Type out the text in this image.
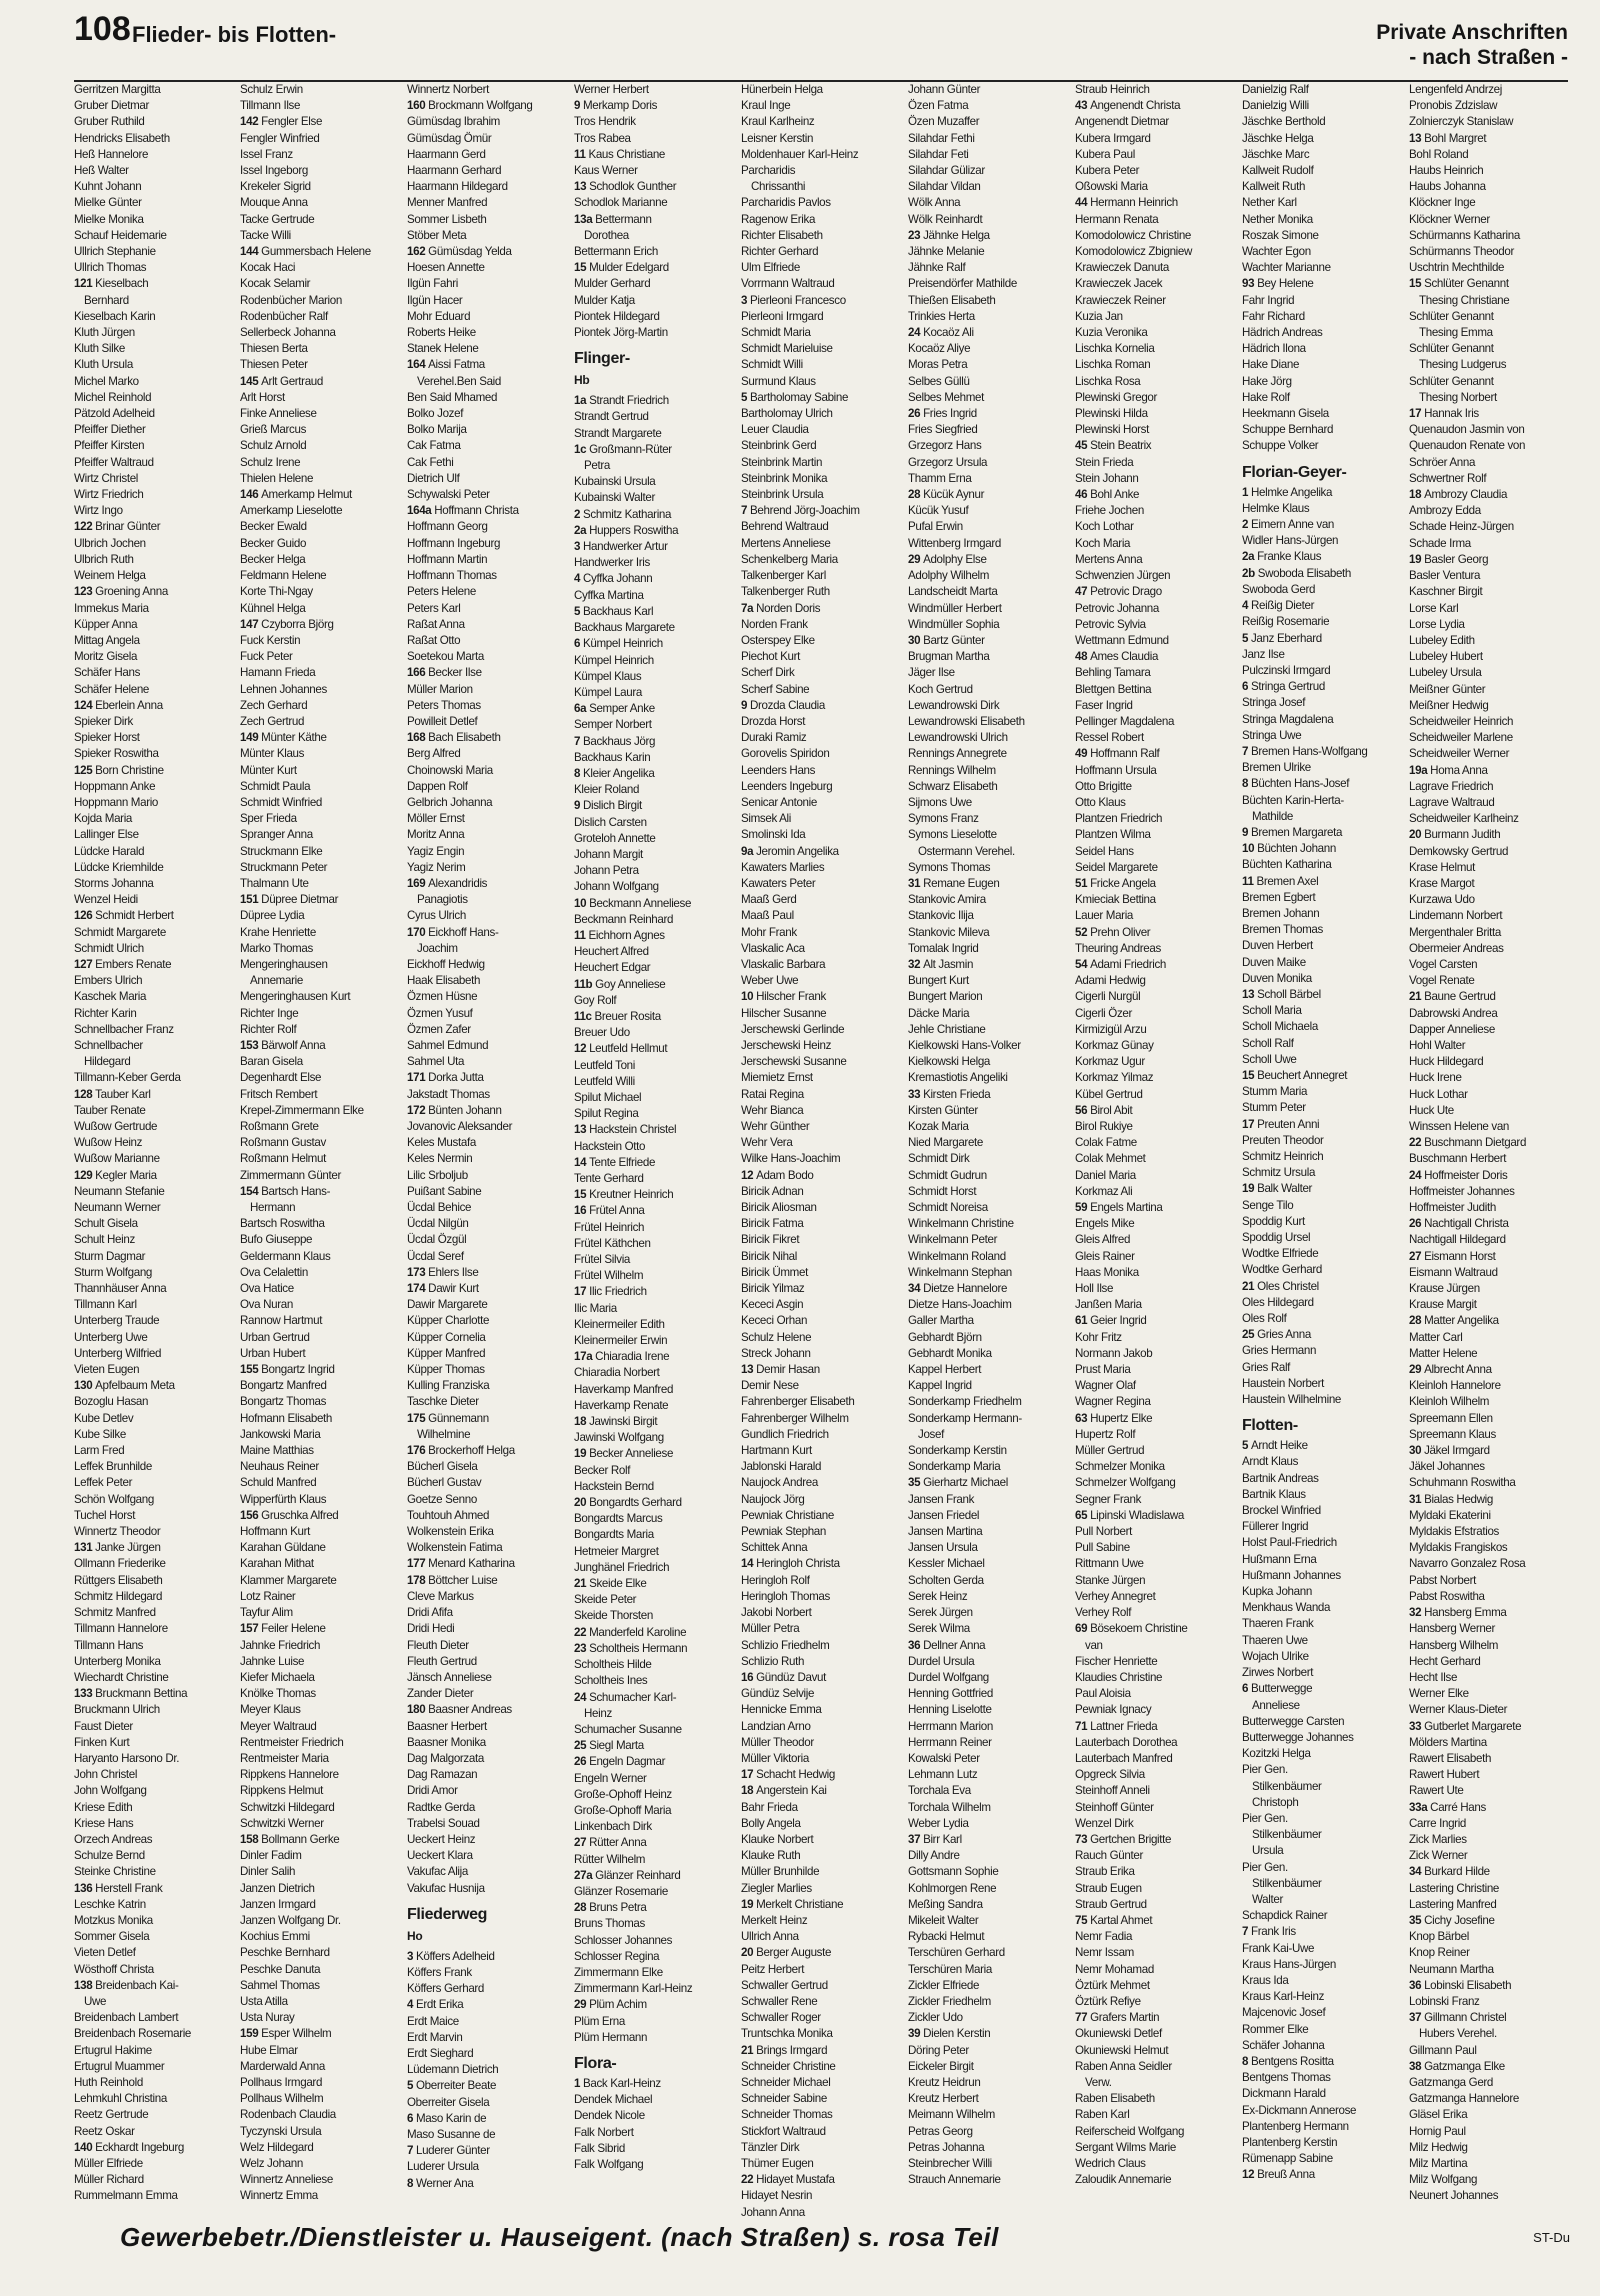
108 Flieder- bis Flotten-	Private Anschriften
- nach Straßen -
Gerritzen Margitta
Gruber Dietmar
Gruber Ruthild
Hendricks Elisabeth
Heß Hannelore
Heß Walter
Kuhnt Johann
Mielke Günter
Mielke Monika
Schauf Heidemarie
Ullrich Stephanie
Ullrich Thomas
121 Kieselbach
Bernhard
Kieselbach Karin
Kluth Jürgen
Kluth Silke
Kluth Ursula
Michel Marko
Michel Reinhold
Pätzold Adelheid
Pfeiffer Diether
Pfeiffer Kirsten
Pfeiffer Waltraud
Wirtz Christel
Wirtz Friedrich
Wirtz Ingo
122 Brinar Günter
Ulbrich Jochen
Ulbrich Ruth
Weinem Helga
123 Groening Anna
Immekus Maria
Küpper Anna
Mittag Angela
Moritz Gisela
Schäfer Hans
Schäfer Helene
124 Eberlein Anna
Spieker Dirk
Spieker Horst
Spieker Roswitha
125 Born Christine
Hoppmann Anke
Hoppmann Mario
Kojda Maria
Lallinger Else
Lüdcke Harald
Lüdcke Kriemhilde
Storms Johanna
Wenzel Heidi
126 Schmidt Herbert
Schmidt Margarete
Schmidt Ulrich
127 Embers Renate
Embers Ulrich
Kaschek Maria
Richter Karin
Schnellbacher Franz
Schnellbacher
Hildegard
Tillmann-Keber Gerda
128 Tauber Karl
Tauber Renate
Wußow Gertrude
Wußow Heinz
Wußow Marianne
129 Kegler Maria
Neumann Stefanie
Neumann Werner
Schult Gisela
Schult Heinz
Sturm Dagmar
Sturm Wolfgang
Thannhäuser Anna
Tillmann Karl
Unterberg Traude
Unterberg Uwe
Unterberg Wilfried
Vieten Eugen
130 Apfelbaum Meta
Bozoglu Hasan
Kube Detlev
Kube Silke
Larm Fred
Leffek Brunhilde
Leffek Peter
Schön Wolfgang
Tuchel Horst
Winnertz Theodor
131 Janke Jürgen
Ollmann Friederike
Rüttgers Elisabeth
Schmitz Hildegard
Schmitz Manfred
Tillmann Hannelore
Tillmann Hans
Unterberg Monika
Wiechardt Christine
133 Bruckmann Bettina
Bruckmann Ulrich
Faust Dieter
Finken Kurt
Haryanto Harsono Dr.
John Christel
John Wolfgang
Kriese Edith
Kriese Hans
Orzech Andreas
Schulze Bernd
Steinke Christine
136 Herstell Frank
Leschke Katrin
Motzkus Monika
Sommer Gisela
Vieten Detlef
Wösthoff Christa
138 Breidenbach Kai-
Uwe
Breidenbach Lambert
Breidenbach Rosemarie
Ertugrul Hakime
Ertugrul Muammer
Huth Reinhold
Lehmkuhl Christina
Reetz Gertrude
Reetz Oskar
140 Eckhardt Ingeburg
Müller Elfriede
Müller Richard
Rummelmann Emma
Schulz Erwin
Tillmann Ilse
142 Fengler Else
Fengler Winfried
Issel Franz
Issel Ingeborg
Krekeler Sigrid
Mouque Anna
Tacke Gertrude
Tacke Willi
144 Gummersbach Helene
Kocak Haci
Kocak Selamir
Rodenbücher Marion
Rodenbücher Ralf
Sellerbeck Johanna
Thiesen Berta
Thiesen Peter
145 Arlt Gertraud
Arlt Horst
Finke Anneliese
Grieß Marcus
Schulz Arnold
Schulz Irene
Thielen Helene
146 Amerkamp Helmut
Amerkamp Lieselotte
Becker Ewald
Becker Guido
Becker Helga
Feldmann Helene
Korte Thi-Ngay
Kühnel Helga
147 Czyborra Björg
Fuck Kerstin
Fuck Peter
Hamann Frieda
Lehnen Johannes
Zech Gerhard
Zech Gertrud
149 Münter Käthe
Münter Klaus
Münter Kurt
Schmidt Paula
Schmidt Winfried
Sper Frieda
Spranger Anna
Struckmann Elke
Struckmann Peter
Thalmann Ute
151 Düpree Dietmar
Düpree Lydia
Krahe Henriette
Marko Thomas
Mengeringhausen
Annemarie
Mengeringhausen Kurt
Richter Inge
Richter Rolf
153 Bärwolf Anna
Baran Gisela
Degenhardt Else
Fritsch Rembert
Krepel-Zimmermann Elke
Roßmann Grete
Roßmann Gustav
Roßmann Helmut
Zimmermann Günter
154 Bartsch Hans-
Hermann
Bartsch Roswitha
Bufo Giuseppe
Geldermann Klaus
Ova Celalettin
Ova Hatice
Ova Nuran
Rannow Hartmut
Urban Gertrud
Urban Hubert
155 Bongartz Ingrid
Bongartz Manfred
Bongartz Thomas
Hofmann Elisabeth
Jankowski Maria
Maine Matthias
Neuhaus Reiner
Schuld Manfred
Wipperfürth Klaus
156 Gruschka Alfred
Hoffmann Kurt
Karahan Güldane
Karahan Mithat
Klammer Margarete
Lotz Rainer
Tayfur Alim
157 Feiler Helene
Jahnke Friedrich
Jahnke Luise
Kiefer Michaela
Knölke Thomas
Meyer Klaus
Meyer Waltraud
Rentmeister Friedrich
Rentmeister Maria
Rippkens Hannelore
Rippkens Helmut
Schwitzki Hildegard
Schwitzki Werner
158 Bollmann Gerke
Dinler Fadim
Dinler Salih
Janzen Dietrich
Janzen Irmgard
Janzen Wolfgang Dr.
Kochius Emmi
Peschke Bernhard
Peschke Danuta
Sahmel Thomas
Usta Atilla
Usta Nuray
159 Esper Wilhelm
Hube Elmar
Marderwald Anna
Pollhaus Irmgard
Pollhaus Wilhelm
Rodenbach Claudia
Tyczynski Ursula
Welz Hildegard
Welz Johann
Winnertz Anneliese
Winnertz Emma
Winnertz Norbert
160 Brockmann Wolfgang
Gümüsdag Ibrahim
Gümüsdag Ömür
Haarmann Gerd
Haarmann Gerhard
Haarmann Hildegard
Menner Manfred
Sommer Lisbeth
Stöber Meta
162 Gümüsdag Yelda
Hoesen Annette
Ilgün Fahri
Ilgün Hacer
Mohr Eduard
Roberts Heike
Stanek Helene
164 Aissi Fatma
Verehel.Ben Said
Ben Said Mhamed
Bolko Jozef
Bolko Marija
Cak Fatma
Cak Fethi
Dietrich Ulf
Schywalski Peter
164a Hoffmann Christa
Hoffmann Georg
Hoffmann Ingeburg
Hoffmann Martin
Hoffmann Thomas
Peters Helene
Peters Karl
Raßat Anna
Raßat Otto
Soetekou Marta
166 Becker Ilse
Müller Marion
Peters Thomas
Powilleit Detlef
168 Bach Elisabeth
Berg Alfred
Choinowski Maria
Dappen Rolf
Gelbrich Johanna
Möller Ernst
Moritz Anna
Yagiz Engin
Yagiz Nerim
169 Alexandridis
Panagiotis
Cyrus Ulrich
170 Eickhoff Hans-
Joachim
Eickhoff Hedwig
Haak Elisabeth
Özmen Hüsne
Özmen Yusuf
Özmen Zafer
Sahmel Edmund
Sahmel Uta
171 Dorka Jutta
Jakstadt Thomas
172 Bünten Johann
Jovanovic Aleksander
Keles Mustafa
Keles Nermin
Lilic Srboljub
Puißant Sabine
Ücdal Behice
Ücdal Nilgün
Ücdal Özgül
Ücdal Seref
173 Ehlers Ilse
174 Dawir Kurt
Dawir Margarete
Küpper Charlotte
Küpper Cornelia
Küpper Manfred
Küpper Thomas
Kulling Franziska
Taschke Dieter
175 Günnemann
Wilhelmine
176 Brockerhoff Helga
Bücherl Gisela
Bücherl Gustav
Goetze Senno
Touhtouh Ahmed
Wolkenstein Erika
Wolkenstein Fatima
177 Menard Katharina
178 Böttcher Luise
Cleve Markus
Dridi Afifa
Dridi Hedi
Fleuth Dieter
Fleuth Gertrud
Jänsch Anneliese
Zander Dieter
180 Baasner Andreas
Baasner Herbert
Baasner Monika
Dag Malgorzata
Dag Ramazan
Dridi Amor
Radtke Gerda
Trabelsi Souad
Ueckert Heinz
Ueckert Klara
Vakufac Alija
Vakufac Husnija
Fliederweg
Ho
3 Köffers Adelheid
Köffers Frank
Köffers Gerhard
4 Erdt Erika
Erdt Maice
Erdt Marvin
Erdt Sieghard
Lüdemann Dietrich
5 Oberreiter Beate
Oberreiter Gisela
6 Maso Karin de
Maso Susanne de
7 Luderer Günter
Luderer Ursula
8 Werner Ana
Werner Herbert
9 Merkamp Doris
Tros Hendrik
Tros Rabea
11 Kaus Christiane
Kaus Werner
13 Schodlok Gunther
Schodlok Marianne
13a Bettermann
Dorothea
Bettermann Erich
15 Mulder Edelgard
Mulder Gerhard
Mulder Katja
Piontek Hildegard
Piontek Jörg-Martin
Flinger-
Hb
1a Strandt Friedrich
Strandt Gertrud
Strandt Margarete
1c Großmann-Rüter
Petra
Kubainski Ursula
Kubainski Walter
2 Schmitz Katharina
2a Huppers Roswitha
3 Handwerker Artur
Handwerker Iris
4 Cyffka Johann
Cyffka Martina
5 Backhaus Karl
Backhaus Margarete
6 Kümpel Heinrich
Kümpel Heinrich
Kümpel Klaus
Kümpel Laura
6a Semper Anke
Semper Norbert
7 Backhaus Jörg
Backhaus Karin
8 Kleier Angelika
Kleier Roland
9 Dislich Birgit
Dislich Carsten
Groteloh Annette
Johann Margit
Johann Petra
Johann Wolfgang
10 Beckmann Anneliese
Beckmann Reinhard
11 Eichhorn Agnes
Heuchert Alfred
Heuchert Edgar
11b Goy Anneliese
Goy Rolf
11c Breuer Rosita
Breuer Udo
12 Leutfeld Hellmut
Leutfeld Toni
Leutfeld Willi
Spilut Michael
Spilut Regina
13 Hackstein Christel
Hackstein Otto
14 Tente Elfriede
Tente Gerhard
15 Kreutner Heinrich
16 Frütel Anna
Frütel Heinrich
Frütel Käthchen
Frütel Silvia
Frütel Wilhelm
17 Ilic Friedrich
Ilic Maria
Kleinermeiler Edith
Kleinermeiler Erwin
17a Chiaradia Irene
Chiaradia Norbert
Haverkamp Manfred
Haverkamp Renate
18 Jawinski Birgit
Jawinski Wolfgang
19 Becker Anneliese
Becker Rolf
Hackstein Bernd
20 Bongardts Gerhard
Bongardts Marcus
Bongardts Maria
Hetmeier Margret
Junghänel Friedrich
21 Skeide Elke
Skeide Peter
Skeide Thorsten
22 Manderfeld Karoline
23 Scholtheis Hermann
Scholtheis Hilde
Scholtheis Ines
24 Schumacher Karl-
Heinz
Schumacher Susanne
25 Siegl Marta
26 Engeln Dagmar
Engeln Werner
Große-Ophoff Heinz
Große-Ophoff Maria
Linkenbach Dirk
27 Rütter Anna
Rütter Wilhelm
27a Glänzer Reinhard
Glänzer Rosemarie
28 Bruns Petra
Bruns Thomas
Schlosser Johannes
Schlosser Regina
Zimmermann Elke
Zimmermann Karl-Heinz
29 Plüm Achim
Plüm Erna
Plüm Hermann
Flora-
1 Back Karl-Heinz
Dendek Michael
Dendek Nicole
Falk Norbert
Falk Sibrid
Falk Wolfgang
Hünerbein Helga
Kraul Inge
Kraul Karlheinz
Leisner Kerstin
Moldenhauer Karl-Heinz
Parcharidis
Chrissanthi
Parcharidis Pavlos
Ragenow Erika
Richter Elisabeth
Richter Gerhard
Ulm Elfriede
Vorrmann Waltraud
3 Pierleoni Francesco
Pierleoni Irmgard
Schmidt Maria
Schmidt Marieluise
Schmidt Willi
Surmund Klaus
5 Bartholomay Sabine
Bartholomay Ulrich
Leuer Claudia
Steinbrink Gerd
Steinbrink Martin
Steinbrink Monika
Steinbrink Ursula
7 Behrend Jörg-Joachim
Behrend Waltraud
Mertens Anneliese
Schenkelberg Maria
Talkenberger Karl
Talkenberger Ruth
7a Norden Doris
Norden Frank
Osterspey Elke
Piechot Kurt
Scherf Dirk
Scherf Sabine
9 Drozda Claudia
Drozda Horst
Duraki Ramiz
Gorovelis Spiridon
Leenders Hans
Leenders Ingeburg
Senicar Antonie
Simsek Ali
Smolinski Ida
9a Jeromin Angelika
Kawaters Marlies
Kawaters Peter
Maaß Gerd
Maaß Paul
Mohr Frank
Vlaskalic Aca
Vlaskalic Barbara
Weber Uwe
10 Hilscher Frank
Hilscher Susanne
Jerschewski Gerlinde
Jerschewski Heinz
Jerschewski Susanne
Miemietz Ernst
Ratai Regina
Wehr Bianca
Wehr Günther
Wehr Vera
Wilke Hans-Joachim
12 Adam Bodo
Biricik Adnan
Biricik Aliosman
Biricik Fatma
Biricik Fikret
Biricik Nihal
Biricik Ümmet
Biricik Yilmaz
Kececi Asgin
Kececi Orhan
Schulz Helene
Streck Johann
13 Demir Hasan
Demir Nese
Fahrenberger Elisabeth
Fahrenberger Wilhelm
Gundlich Friedrich
Hartmann Kurt
Jablonski Harald
Naujock Andrea
Naujock Jörg
Pewniak Christiane
Pewniak Stephan
Schittek Anna
14 Heringloh Christa
Heringloh Rolf
Heringloh Thomas
Jakobi Norbert
Müller Petra
Schlizio Friedhelm
Schlizio Ruth
16 Gündüz Davut
Gündüz Selvije
Hennicke Emma
Landzian Arno
Müller Theodor
Müller Viktoria
17 Schacht Hedwig
18 Angerstein Kai
Bahr Frieda
Bolly Angela
Klauke Norbert
Klauke Ruth
Müller Brunhilde
Ziegler Marlies
19 Merkelt Christiane
Merkelt Heinz
Ullrich Anna
20 Berger Auguste
Peitz Herbert
Schwaller Gertrud
Schwaller Rene
Schwaller Roger
Truntschka Monika
21 Brings Irmgard
Schneider Christine
Schneider Michael
Schneider Sabine
Schneider Thomas
Stickfort Waltraud
Tänzler Dirk
Thümer Eugen
22 Hidayet Mustafa
Hidayet Nesrin
Johann Anna
Johann Günter
Özen Fatma
Özen Muzaffer
Silahdar Fethi
Silahdar Feti
Silahdar Gülizar
Silahdar Vildan
Wölk Anna
Wölk Reinhardt
23 Jähnke Helga
Jähnke Melanie
Jähnke Ralf
Preisendörfer Mathilde
Thießen Elisabeth
Trinkies Herta
24 Kocaöz Ali
Kocaöz Aliye
Moras Petra
Selbes Güllü
Selbes Mehmet
26 Fries Ingrid
Fries Siegfried
Grzegorz Hans
Grzegorz Ursula
Thamm Erna
28 Kücük Aynur
Kücük Yusuf
Pufal Erwin
Wittenberg Irmgard
29 Adolphy Else
Adolphy Wilhelm
Landscheidt Marta
Windmüller Herbert
Windmüller Sophia
30 Bartz Günter
Brugman Martha
Jäger Ilse
Koch Gertrud
Lewandrowski Dirk
Lewandrowski Elisabeth
Lewandrowski Ulrich
Rennings Annegrete
Rennings Wilhelm
Schwarz Elisabeth
Sijmons Uwe
Symons Franz
Symons Lieselotte
Ostermann Verehel.
Symons Thomas
31 Remane Eugen
Stankovic Amira
Stankovic Ilija
Stankovic Mileva
Tomalak Ingrid
32 Alt Jasmin
Bungert Kurt
Bungert Marion
Däcke Maria
Jehle Christiane
Kielkowski Hans-Volker
Kielkowski Helga
Kremastiotis Angeliki
33 Kirsten Frieda
Kirsten Günter
Kozak Maria
Nied Margarete
Schmidt Dirk
Schmidt Gudrun
Schmidt Horst
Schmidt Noreisa
Winkelmann Christine
Winkelmann Peter
Winkelmann Roland
Winkelmann Stephan
34 Dietze Hannelore
Dietze Hans-Joachim
Galler Martha
Gebhardt Björn
Gebhardt Monika
Kappel Herbert
Kappel Ingrid
Sonderkamp Friedhelm
Sonderkamp Hermann-
Josef
Sonderkamp Kerstin
Sonderkamp Maria
35 Gierhartz Michael
Jansen Frank
Jansen Friedel
Jansen Martina
Jansen Ursula
Kessler Michael
Scholten Gerda
Serek Heinz
Serek Jürgen
Serek Wilma
36 Dellner Anna
Durdel Ursula
Durdel Wolfgang
Henning Gottfried
Henning Liselotte
Herrmann Marion
Herrmann Reiner
Kowalski Peter
Lehmann Lutz
Torchala Eva
Torchala Wilhelm
Weber Lydia
37 Birr Karl
Dilly Andre
Gottsmann Sophie
Kohlmorgen Rene
Meßing Sandra
Mikeleit Walter
Rybacki Helmut
Terschüren Gerhard
Terschüren Maria
Zickler Elfriede
Zickler Friedhelm
Zickler Udo
39 Dielen Kerstin
Döring Peter
Eickeler Birgit
Kreutz Heidrun
Kreutz Herbert
Meimann Wilhelm
Petras Georg
Petras Johanna
Steinbrecher Willi
Strauch Annemarie
Straub Heinrich
43 Angenendt Christa
Angenendt Dietmar
Kubera Irmgard
Kubera Paul
Kubera Peter
Oßowski Maria
44 Hermann Heinrich
Hermann Renata
Komodolowicz Christine
Komodolowicz Zbigniew
Krawieczek Danuta
Krawieczek Jacek
Krawieczek Reiner
Kuzia Jan
Kuzia Veronika
Lischka Kornelia
Lischka Roman
Lischka Rosa
Plewinski Gregor
Plewinski Hilda
Plewinski Horst
45 Stein Beatrix
Stein Frieda
Stein Johann
46 Bohl Anke
Friehe Jochen
Koch Lothar
Koch Maria
Mertens Anna
Schwenzien Jürgen
47 Petrovic Drago
Petrovic Johanna
Petrovic Sylvia
Wettmann Edmund
48 Ames Claudia
Behling Tamara
Blettgen Bettina
Faser Ingrid
Pellinger Magdalena
Ressel Robert
49 Hoffmann Ralf
Hoffmann Ursula
Otto Brigitte
Otto Klaus
Plantzen Friedrich
Plantzen Wilma
Seidel Hans
Seidel Margarete
51 Fricke Angela
Kmieciak Bettina
Lauer Maria
52 Prehn Oliver
Theuring Andreas
54 Adami Friedrich
Adami Hedwig
Cigerli Nurgül
Cigerli Özer
Kirmizigül Arzu
Korkmaz Günay
Korkmaz Ugur
Korkmaz Yilmaz
Kübel Gertrud
56 Birol Abit
Birol Rukiye
Colak Fatme
Colak Mehmet
Daniel Maria
Korkmaz Ali
59 Engels Martina
Engels Mike
Gleis Alfred
Gleis Rainer
Haas Monika
Holl Ilse
Janßen Maria
61 Geier Ingrid
Kohr Fritz
Normann Jakob
Prust Maria
Wagner Olaf
Wagner Regina
63 Hupertz Elke
Hupertz Rolf
Müller Gertrud
Schmelzer Monika
Schmelzer Wolfgang
Segner Frank
65 Lipinski Wladislawa
Pull Norbert
Pull Sabine
Rittmann Uwe
Stanke Jürgen
Verhey Annegret
Verhey Rolf
69 Bösekoem Christine
van
Fischer Henriette
Klaudies Christine
Paul Aloisia
Pewniak Ignacy
71 Lattner Frieda
Lauterbach Dorothea
Lauterbach Manfred
Opgreck Silvia
Steinhoff Anneli
Steinhoff Günter
Wenzel Dirk
73 Gertchen Brigitte
Rauch Günter
Straub Erika
Straub Eugen
Straub Gertrud
75 Kartal Ahmet
Nemr Fadia
Nemr Issam
Nemr Mohamad
Öztürk Mehmet
Öztürk Refiye
77 Grafers Martin
Okuniewski Detlef
Okuniewski Helmut
Raben Anna Seidler
Verw.
Raben Elisabeth
Raben Karl
Reiferscheid Wolfgang
Sergant Wilms Marie
Wedrich Claus
Zaloudik Annemarie
Danielzig Ralf
Danielzig Willi
Jäschke Berthold
Jäschke Helga
Jäschke Marc
Kallweit Rudolf
Kallweit Ruth
Nether Karl
Nether Monika
Roszak Simone
Wachter Egon
Wachter Marianne
93 Bey Helene
Fahr Ingrid
Fahr Richard
Hädrich Andreas
Hädrich Ilona
Hake Diane
Hake Jörg
Hake Rolf
Heekmann Gisela
Schuppe Bernhard
Schuppe Volker
Florian-Geyer-
1 Helmke Angelika
Helmke Klaus
2 Eimern Anne van
Widler Hans-Jürgen
2a Franke Klaus
2b Swoboda Elisabeth
Swoboda Gerd
4 Reißig Dieter
Reißig Rosemarie
5 Janz Eberhard
Janz Ilse
Pulczinski Irmgard
6 Stringa Gertrud
Stringa Josef
Stringa Magdalena
Stringa Uwe
7 Bremen Hans-Wolfgang
Bremen Ulrike
8 Büchten Hans-Josef
Büchten Karin-Herta-
Mathilde
9 Bremen Margareta
10 Büchten Johann
Büchten Katharina
11 Bremen Axel
Bremen Egbert
Bremen Johann
Bremen Thomas
Duven Herbert
Duven Maike
Duven Monika
13 Scholl Bärbel
Scholl Maria
Scholl Michaela
Scholl Ralf
Scholl Uwe
15 Beuchert Annegret
Stumm Maria
Stumm Peter
17 Preuten Anni
Preuten Theodor
Schmitz Heinrich
Schmitz Ursula
19 Balk Walter
Senge Tilo
Spoddig Kurt
Spoddig Ursel
Wodtke Elfriede
Wodtke Gerhard
21 Oles Christel
Oles Hildegard
Oles Rolf
25 Gries Anna
Gries Hermann
Gries Ralf
Haustein Norbert
Haustein Wilhelmine
Flotten-
5 Arndt Heike
Arndt Klaus
Bartnik Andreas
Bartnik Klaus
Brockel Winfried
Füllerer Ingrid
Holst Paul-Friedrich
Hußmann Erna
Hußmann Johannes
Kupka Johann
Menkhaus Wanda
Thaeren Frank
Thaeren Uwe
Wojach Ulrike
Zirwes Norbert
6 Butterwegge
Anneliese
Butterwegge Carsten
Butterwegge Johannes
Kozitzki Helga
Pier Gen.
Stilkenbäumer
Christoph
Pier Gen.
Stilkenbäumer
Ursula
Pier Gen.
Stilkenbäumer
Walter
Schapdick Rainer
7 Frank Iris
Frank Kai-Uwe
Kraus Hans-Jürgen
Kraus Ida
Kraus Karl-Heinz
Majcenovic Josef
Rommer Elke
Schäfer Johanna
8 Bentgens Rositta
Bentgens Thomas
Dickmann Harald
Ex-Dickmann Annerose
Plantenberg Hermann
Plantenberg Kerstin
Rümenapp Sabine
12 Breuß Anna
Lengenfeld Andrzej
Pronobis Zdzislaw
Zolnierczyk Stanislaw
13 Bohl Margret
Bohl Roland
Haubs Heinrich
Haubs Johanna
Klöckner Inge
Klöckner Werner
Schürmanns Katharina
Schürmanns Theodor
Uschtrin Mechthilde
15 Schlüter Genannt
Thesing Christiane
Schlüter Genannt
Thesing Emma
Schlüter Genannt
Thesing Ludgerus
Schlüter Genannt
Thesing Norbert
17 Hannak Iris
Quenaudon Jasmin von
Quenaudon Renate von
Schröer Anna
Schwertner Rolf
18 Ambrozy Claudia
Ambrozy Edda
Schade Heinz-Jürgen
Schade Irma
19 Basler Georg
Basler Ventura
Kaschner Birgit
Lorse Karl
Lorse Lydia
Lubeley Edith
Lubeley Hubert
Lubeley Ursula
Meißner Günter
Meißner Hedwig
Scheidweiler Heinrich
Scheidweiler Marlene
Scheidweiler Werner
19a Homa Anna
Lagrave Friedrich
Lagrave Waltraud
Scheidweiler Karlheinz
20 Burmann Judith
Demkowsky Gertrud
Krase Helmut
Krase Margot
Kurzawa Udo
Lindemann Norbert
Mergenthaler Britta
Obermeier Andreas
Vogel Carsten
Vogel Renate
21 Baune Gertrud
Dabrowski Andrea
Dapper Anneliese
Hohl Walter
Huck Hildegard
Huck Irene
Huck Lothar
Huck Ute
Winssen Helene van
22 Buschmann Dietgard
Buschmann Herbert
24 Hoffmeister Doris
Hoffmeister Johannes
Hoffmeister Judith
26 Nachtigall Christa
Nachtigall Hildegard
27 Eismann Horst
Eismann Waltraud
Krause Jürgen
Krause Margit
28 Matter Angelika
Matter Carl
Matter Helene
29 Albrecht Anna
Kleinloh Hannelore
Kleinloh Wilhelm
Spreemann Ellen
Spreemann Klaus
30 Jäkel Irmgard
Jäkel Johannes
Schuhmann Roswitha
31 Bialas Hedwig
Myldaki Ekaterini
Myldakis Efstratios
Myldakis Frangiskos
Navarro Gonzalez Rosa
Pabst Norbert
Pabst Roswitha
32 Hansberg Emma
Hansberg Werner
Hansberg Wilhelm
Hecht Gerhard
Hecht Ilse
Werner Elke
Werner Klaus-Dieter
33 Gutberlet Margarete
Mölders Martina
Rawert Elisabeth
Rawert Hubert
Rawert Ute
33a Carré Hans
Carre Ingrid
Zick Marlies
Zick Werner
34 Burkard Hilde
Lastering Christine
Lastering Manfred
35 Cichy Josefine
Knop Bärbel
Knop Reiner
Neumann Martha
36 Lobinski Elisabeth
Lobinski Franz
37 Gillmann Christel
Hubers Verehel.
Gillmann Paul
38 Gatzmanga Elke
Gatzmanga Gerd
Gatzmanga Hannelore
Gläsel Erika
Hornig Paul
Milz Hedwig
Milz Martina
Milz Wolfgang
Neunert Johannes
Gewerbebetr./Dienstleister u. Hauseigent. (nach Straßen) s. rosa Teil	ST-Du
